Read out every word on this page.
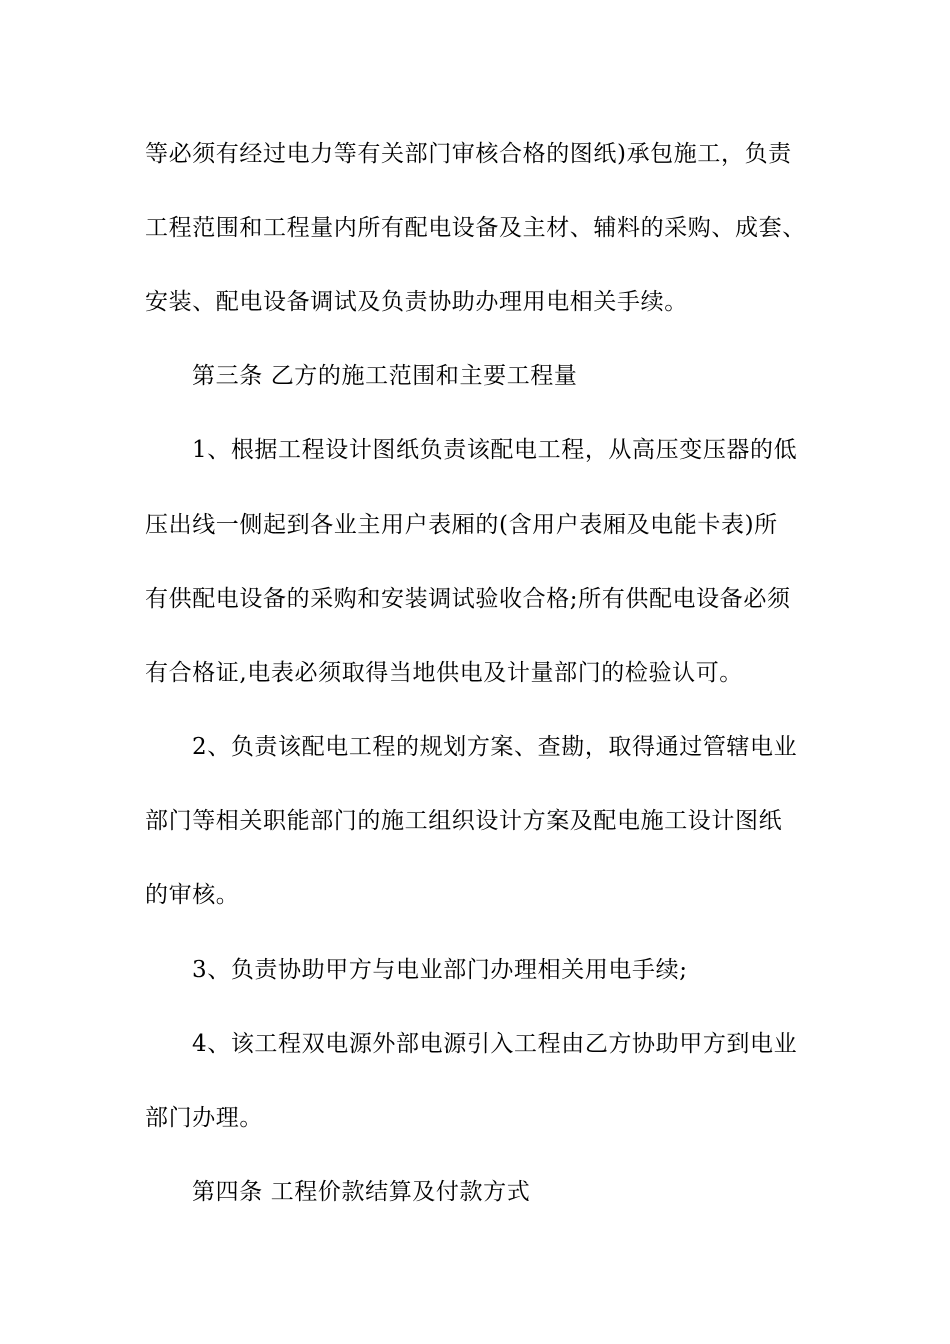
等必须有经过电力等有关部门审核合格的图纸)承包施工，负责
工程范围和工程量内所有配电设备及主材、辅料的采购、成套、
安装、配电设备调试及负责协助办理用电相关手续。
第三条 乙方的施工范围和主要工程量
1、根据工程设计图纸负责该配电工程，从高压变压器的低
压出线一侧起到各业主用户表厢的(含用户表厢及电能卡表)所
有供配电设备的采购和安装调试验收合格;所有供配电设备必须
有合格证,电表必须取得当地供电及计量部门的检验认可。
2、负责该配电工程的规划方案、查勘，取得通过管辖电业
部门等相关职能部门的施工组织设计方案及配电施工设计图纸
的审核。
3、负责协助甲方与电业部门办理相关用电手续;
4、该工程双电源外部电源引入工程由乙方协助甲方到电业
部门办理。
第四条 工程价款结算及付款方式
